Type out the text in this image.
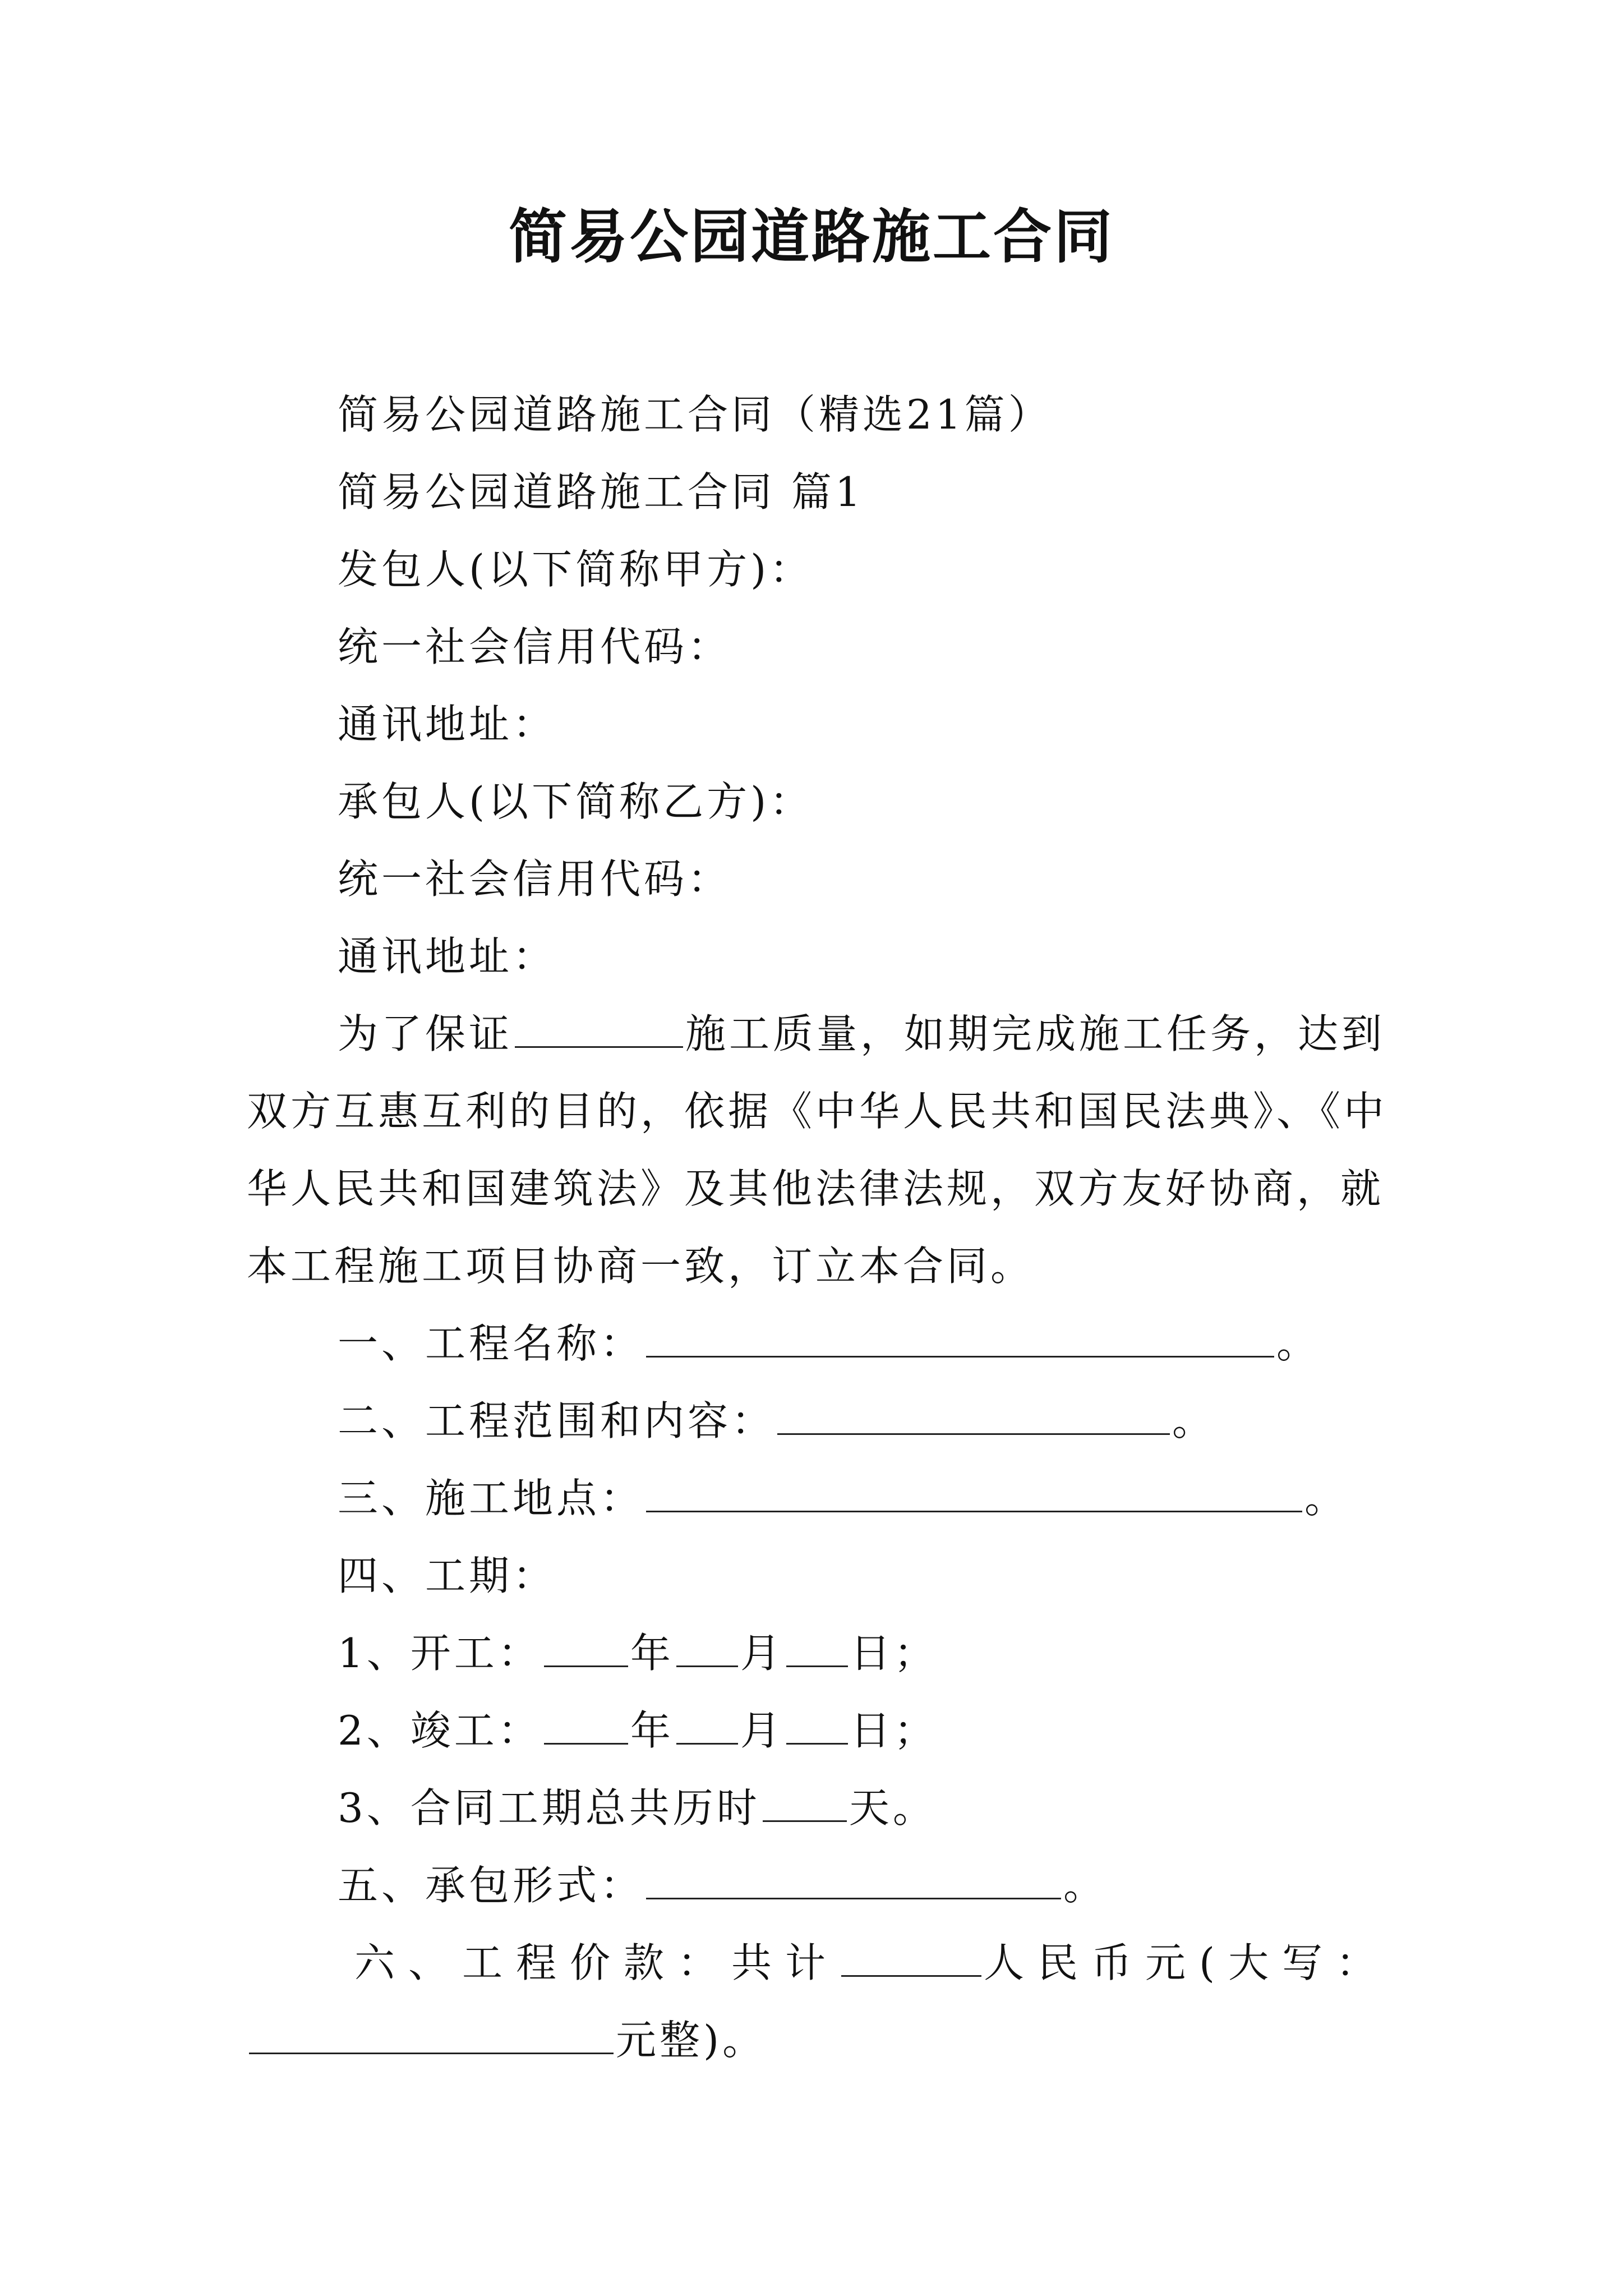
简易公园道路施工合同
简易公园道路施工合同（精选21篇）
简易公园道路施工合同 篇1
发包人(以下简称甲方)：
统一社会信用代码：
通讯地址：
承包人(以下简称乙方)：
统一社会信用代码：
通讯地址：
为了保证	施工质量，如期完成施工任务，达到
双方互惠互利的目的，依据《中华人民共和国民法典》、《中
华人民共和国建筑法》及其他法律法规，双方友好协商，就
本工程施工项目协商一致，订立本合同。
一、工程名称：	。
二、工程范围和内容：	。
三、施工地点：	。
四、工期：
1、开工： 年 月 日；
2、竣工： 年 月 日；
3、合同工期总共历时 天。
五、承包形式：	。
六、工程价款：共计	人民币元(大写：
元整)。
